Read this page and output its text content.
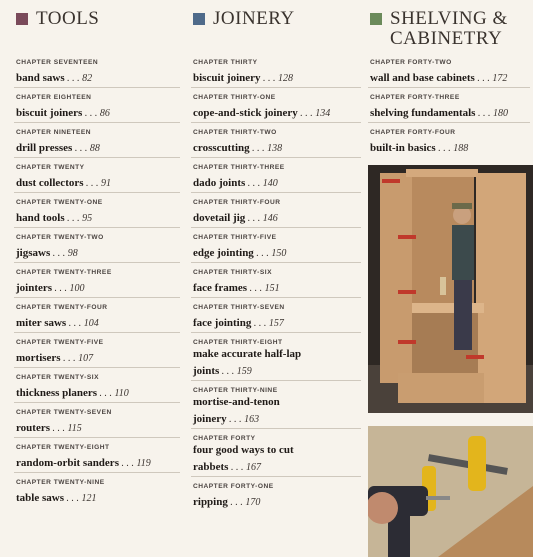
TOOLS
CHAPTER SEVENTEEN
band saws . . . 82
CHAPTER EIGHTEEN
biscuit joiners . . . 86
CHAPTER NINETEEN
drill presses . . . 88
CHAPTER TWENTY
dust collectors . . . 91
CHAPTER TWENTY-ONE
hand tools . . . 95
CHAPTER TWENTY-TWO
jigsaws . . . 98
CHAPTER TWENTY-THREE
jointers . . . 100
CHAPTER TWENTY-FOUR
miter saws . . . 104
CHAPTER TWENTY-FIVE
mortisers . . . 107
CHAPTER TWENTY-SIX
thickness planers . . . 110
CHAPTER TWENTY-SEVEN
routers . . . 115
CHAPTER TWENTY-EIGHT
random-orbit sanders . . . 119
CHAPTER TWENTY-NINE
table saws . . . 121
JOINERY
CHAPTER THIRTY
biscuit joinery . . . 128
CHAPTER THIRTY-ONE
cope-and-stick joinery . . . 134
CHAPTER THIRTY-TWO
crosscutting . . . 138
CHAPTER THIRTY-THREE
dado joints . . . 140
CHAPTER THIRTY-FOUR
dovetail jig . . . 146
CHAPTER THIRTY-FIVE
edge jointing . . . 150
CHAPTER THIRTY-SIX
face frames . . . 151
CHAPTER THIRTY-SEVEN
face jointing . . . 157
CHAPTER THIRTY-EIGHT
make accurate half-lap
joints . . . 159
CHAPTER THIRTY-NINE
mortise-and-tenon
joinery . . . 163
CHAPTER FORTY
four good ways to cut
rabbets . . . 167
CHAPTER FORTY-ONE
ripping . . . 170
SHELVING &
CABINETRY
CHAPTER FORTY-TWO
wall and base cabinets . . . 172
CHAPTER FORTY-THREE
shelving fundamentals . . . 180
CHAPTER FORTY-FOUR
built-in basics . . . 188
